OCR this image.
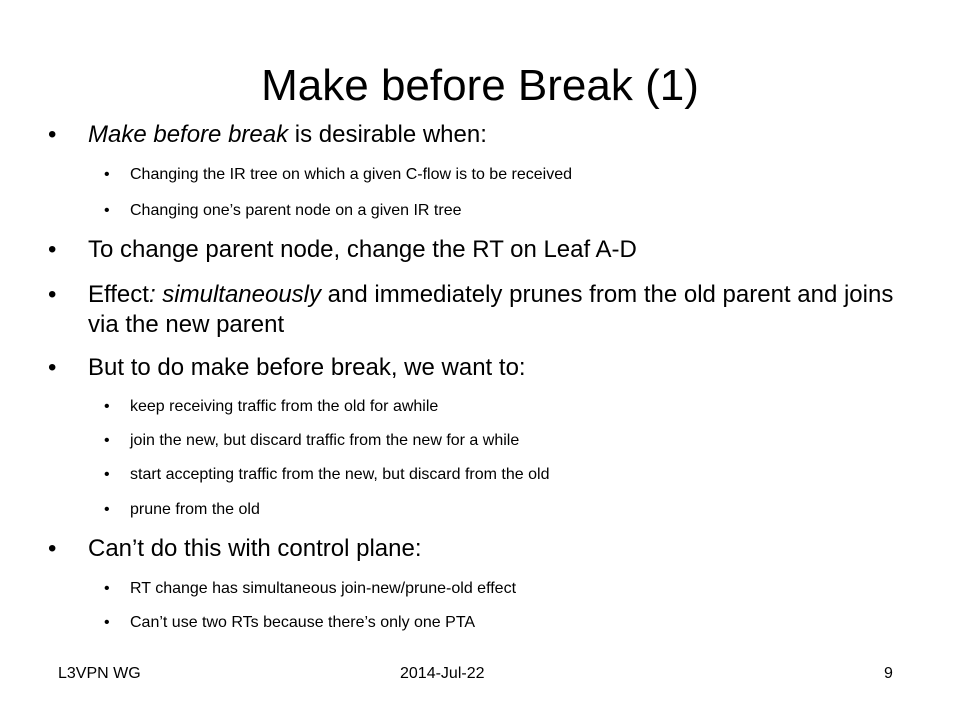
Make before Break (1)
• Make before break is desirable when:
• Changing the IR tree on which a given C-flow is to be received
• Changing one’s parent node on a given IR tree
• To change parent node, change the RT on Leaf A-D
• Effect: simultaneously and immediately prunes from the old parent and joins via the new parent
• But to do make before break, we want to:
• keep receiving traffic from the old for awhile
• join the new, but discard traffic from the new for a while
• start accepting traffic from the new, but discard from the old
• prune from the old
• Can’t do this with control plane:
• RT change has simultaneous join-new/prune-old effect
• Can’t use two RTs because there’s only one PTA
L3VPN WG	2014-Jul-22	9
